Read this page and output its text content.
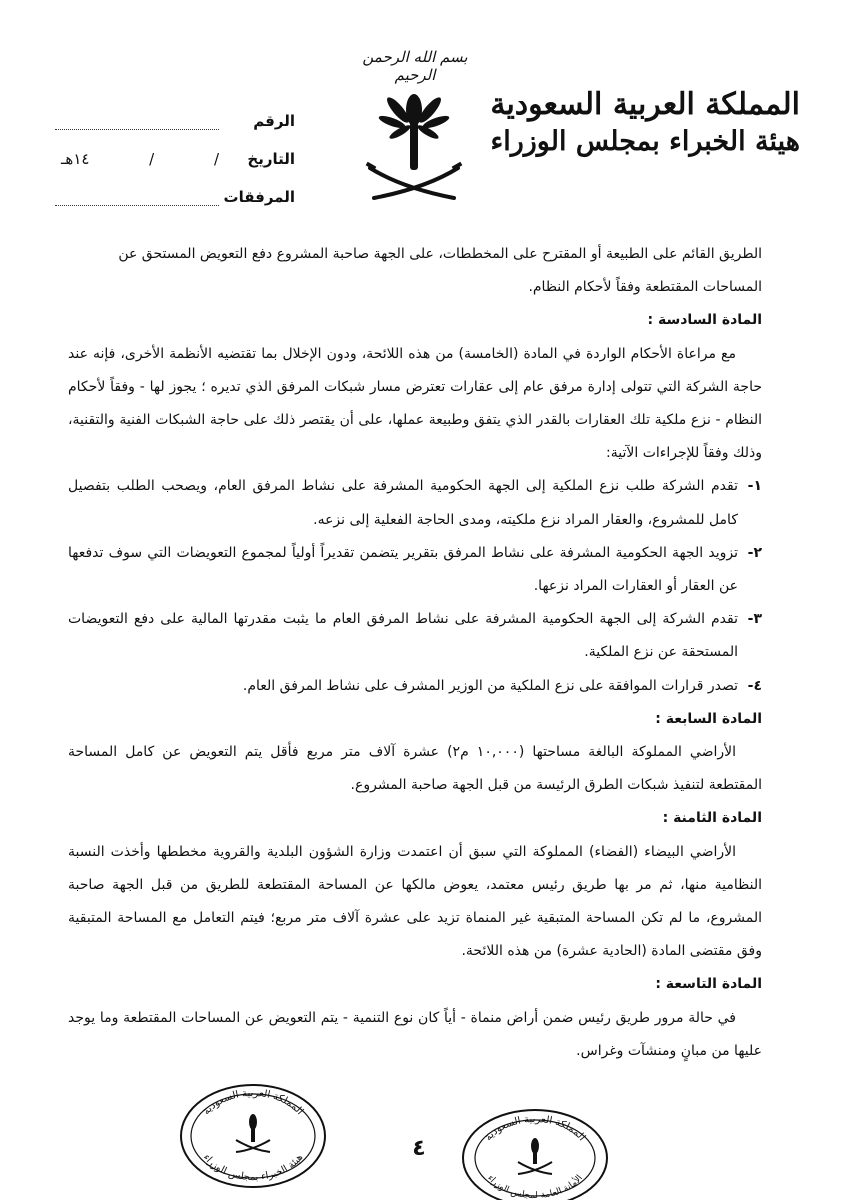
بسم الله الرحمن الرحيم
المملكة العربية السعودية
هيئة الخبراء بمجلس الوزراء
الرقم
التاريخ
/
/
١٤هـ
المرفقات

الطريق القائم على الطبيعة أو المقترح على المخططات، على الجهة صاحبة المشروع دفع التعويض المستحق عن
المساحات المقتطعة وفقاً لأحكام النظام.

المادة السادسة :

مع مراعاة الأحكام الواردة في المادة (الخامسة) من هذه اللائحة، ودون الإخلال بما تقتضيه الأنظمة الأخرى، فإنه عند حاجة الشركة التي تتولى إدارة مرفق عام إلى عقارات تعترض مسار شبكات المرفق الذي تديره ؛ يجوز لها - وفقاً لأحكام النظام - نزع ملكية تلك العقارات بالقدر الذي يتفق وطبيعة عملها، على أن يقتصر ذلك على حاجة الشبكات الفنية والتقنية، وذلك وفقاً للإجراءات الآتية:

١-
تقدم الشركة طلب نزع الملكية إلى الجهة الحكومية المشرفة على نشاط المرفق العام، ويصحب الطلب بتفصيل كامل للمشروع، والعقار المراد نزع ملكيته، ومدى الحاجة الفعلية إلى نزعه.
٢-
تزويد الجهة الحكومية المشرفة على نشاط المرفق بتقرير يتضمن تقديراً أولياً لمجموع التعويضات التي سوف تدفعها عن العقار أو العقارات المراد نزعها.
٣-
تقدم الشركة إلى الجهة الحكومية المشرفة على نشاط المرفق العام ما يثبت مقدرتها المالية على دفع التعويضات المستحقة عن نزع الملكية.
٤-
تصدر قرارات الموافقة على نزع الملكية من الوزير المشرف على نشاط المرفق العام.

المادة السابعة :

الأراضي المملوكة البالغة مساحتها (١٠,٠٠٠ م٢) عشرة آلاف متر مربع فأقل يتم التعويض عن كامل المساحة المقتطعة لتنفيذ شبكات الطرق الرئيسة من قبل الجهة صاحبة المشروع.

المادة الثامنة :

الأراضي البيضاء (الفضاء) المملوكة التي سبق أن اعتمدت وزارة الشؤون البلدية والقروية مخططها وأخذت النسبة النظامية منها، ثم مر بها طريق رئيس معتمد، يعوض مالكها عن المساحة المقتطعة للطريق من قبل الجهة صاحبة المشروع، ما لم تكن المساحة المتبقية غير المنماة تزيد على عشرة آلاف متر مربع؛ فيتم التعامل مع المساحة المتبقية وفق مقتضى المادة (الحادية عشرة) من هذه اللائحة.

المادة التاسعة :

في حالة مرور طريق رئيس ضمن أراض منماة - أياً كان نوع التنمية - يتم التعويض عن المساحات المقتطعة وما يوجد عليها من مبانٍ ومنشآت وغراس.

المملكة العربية السعودية
هيئة الخبراء بمجلس الوزراء	٤	المملكة العربية السعودية
الأمانة العامة لمجلس الوزراء
